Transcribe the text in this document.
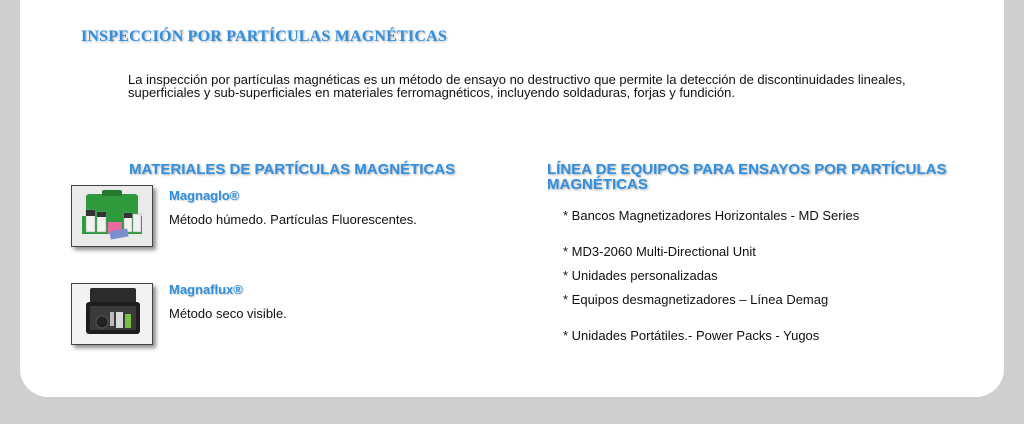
INSPECCIÓN POR PARTÍCULAS MAGNÉTICAS

La inspección por partículas magnéticas es un método de ensayo no destructivo que permite la detección de discontinuidades lineales, superficiales y sub-superficiales en materiales ferromagnéticos, incluyendo soldaduras, forjas y fundición.

MATERIALES DE PARTÍCULAS MAGNÉTICAS
Magnaglo®

Método húmedo. Partículas Fluorescentes.

Magnaflux®

Método seco visible.

LÍNEA DE EQUIPOS PARA ENSAYOS POR PARTÍCULAS
MAGNÉTICAS

* Bancos Magnetizadores Horizontales - MD Series

* MD3-2060 Multi-Directional Unit

* Unidades personalizadas

* Equipos desmagnetizadores – Línea Demag

* Unidades Portátiles.- Power Packs - Yugos
